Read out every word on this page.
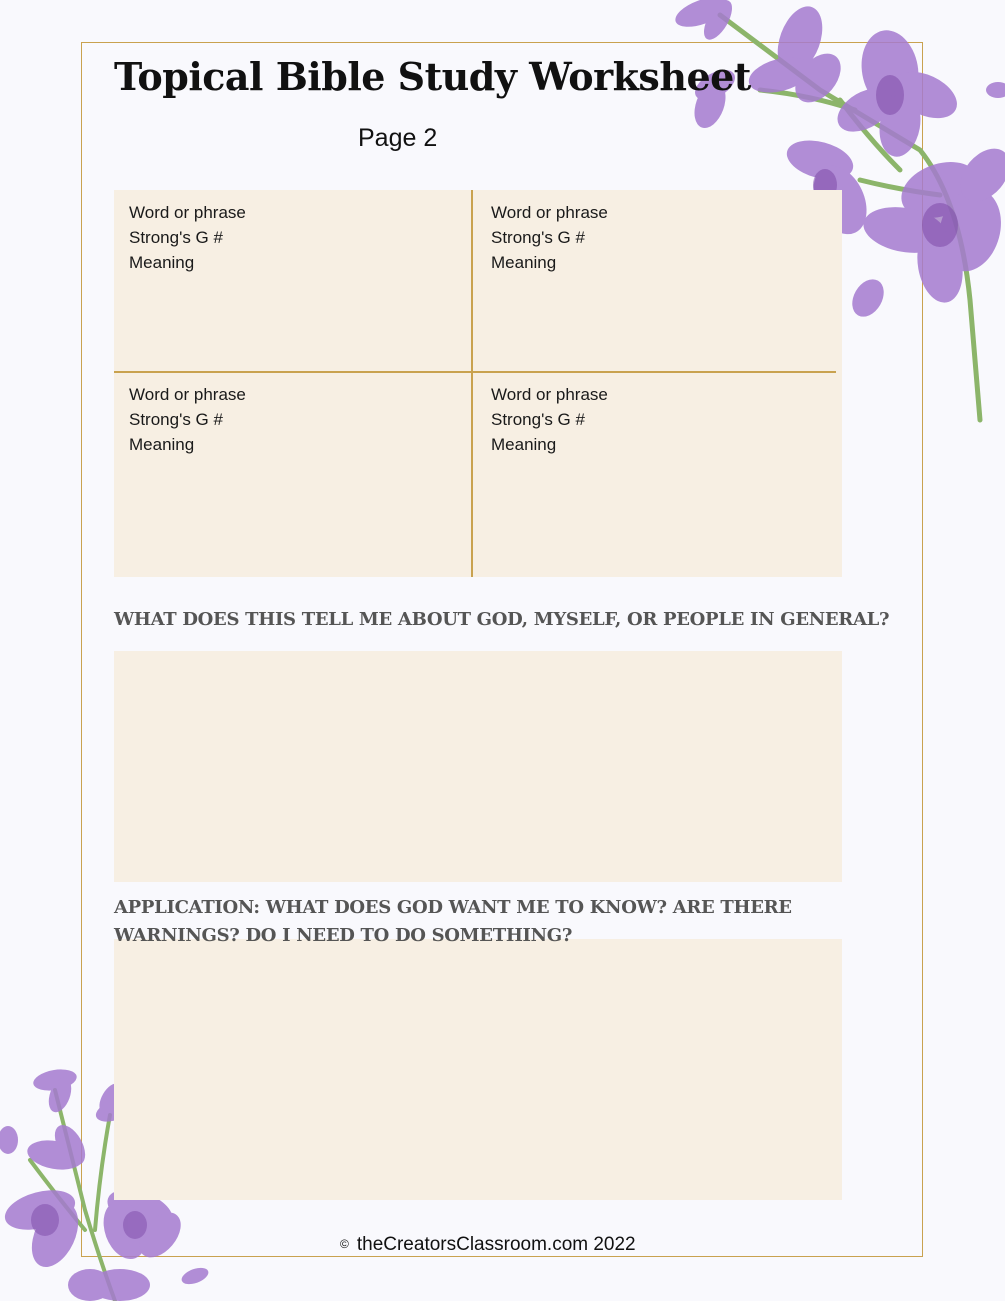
Topical Bible Study Worksheet
Page 2
Word or phrase
Strong's G #
Meaning
Word or phrase
Strong's G #
Meaning
Word or phrase
Strong's G #
Meaning
Word or phrase
Strong's G #
Meaning
WHAT DOES THIS TELL ME ABOUT GOD, MYSELF, OR PEOPLE IN GENERAL?
APPLICATION: WHAT DOES GOD WANT ME TO KNOW? ARE THERE WARNINGS? DO I NEED TO DO SOMETHING?
© theCreatorsClassroom.com 2022
